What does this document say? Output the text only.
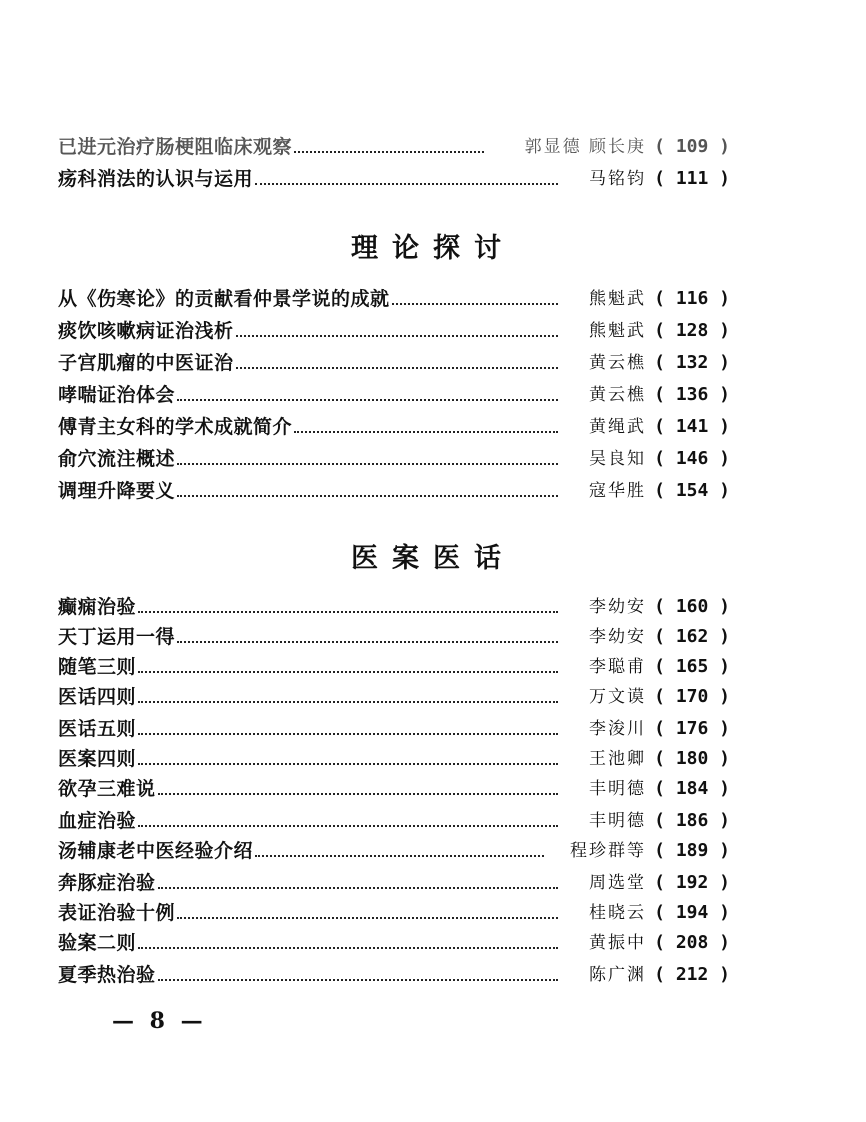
已进元治疗肠梗阻临床观察	郭显德 顾长庚 ( 109 )
疡科消法的认识与运用	马铭钧 ( 111 )
理论探讨
从《伤寒论》的贡献看仲景学说的成就	熊魁武 ( 116 )
痰饮咳嗽病证治浅析	熊魁武 ( 128 )
子宫肌瘤的中医证治	黄云樵 ( 132 )
哮喘证治体会	黄云樵 ( 136 )
傅青主女科的学术成就简介	黄绳武 ( 141 )
俞穴流注概述	吴良知 ( 146 )
调理升降要义	寇华胜 ( 154 )
医案医话
癫痫治验	李幼安 ( 160 )
天丁运用一得	李幼安 ( 162 )
随笔三则	李聪甫 ( 165 )
医话四则	万文谟 ( 170 )
医话五则	李浚川 ( 176 )
医案四则	王池卿 ( 180 )
欲孕三难说	丰明德 ( 184 )
血症治验	丰明德 ( 186 )
汤辅康老中医经验介绍	程珍群等 ( 189 )
奔豚症治验	周选堂 ( 192 )
表证治验十例	桂晓云 ( 194 )
验案二则	黄振中 ( 208 )
夏季热治验	陈广渊 ( 212 )
— 8 —
